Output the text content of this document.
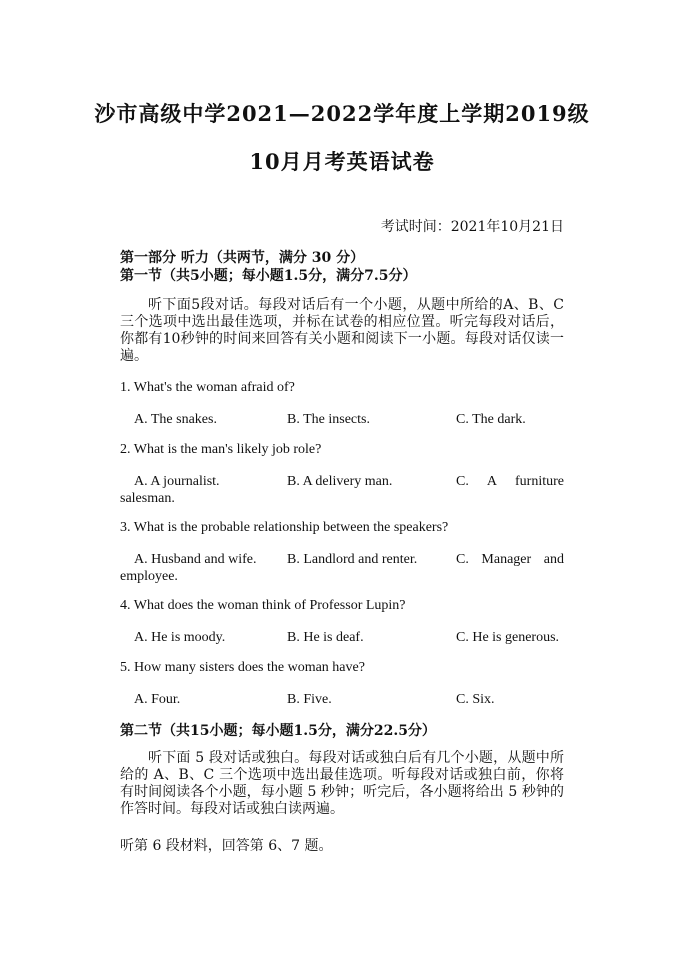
沙市高级中学2021—2022学年度上学期2019级
10月月考英语试卷
考试时间：2021年10月21日
第一部分 听力（共两节，满分 30 分）
第一节（共5小题；每小题1.5分，满分7.5分）
听下面5段对话。每段对话后有一个小题，从题中所给的A、B、C三个选项中选出最佳选项，并标在试卷的相应位置。听完每段对话后，你都有10秒钟的时间来回答有关小题和阅读下一小题。每段对话仅读一遍。
1. What's the woman afraid of?
A. The snakes.	B. The insects.	C. The dark.
2. What is the man's likely job role?
A. A journalist.	B. A delivery man.	C. A furniture
salesman.
3. What is the probable relationship between the speakers?
A. Husband and wife. B. Landlord and renter.	C. Manager and
employee.
4. What does the woman think of Professor Lupin?
A. He is moody.	B. He is deaf.	C. He is generous.
5. How many sisters does the woman have?
A. Four.	B. Five.	C. Six.
第二节（共15小题；每小题1.5分，满分22.5分）
听下面 5 段对话或独白。每段对话或独白后有几个小题，从题中所给的 A、B、C 三个选项中选出最佳选项。听每段对话或独白前，你将有时间阅读各个小题，每小题 5 秒钟；听完后，各小题将给出 5 秒钟的作答时间。每段对话或独白读两遍。
听第 6 段材料，回答第 6、7 题。
